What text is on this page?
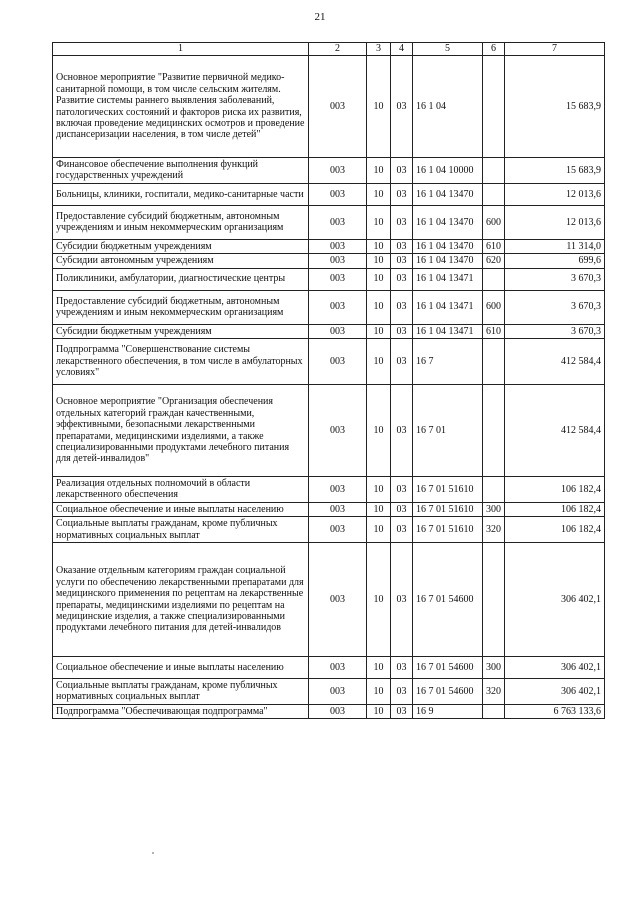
21
1	2	3	4	5	6	7
Основное мероприятие "Развитие первичной медико-санитарной помощи, в том числе сельским жителям. Развитие системы раннего выявления заболеваний, патологических состояний и факторов риска их развития, включая проведение медицинских осмотров и проведение диспансеризации населения, в том числе детей"	003	10	03	16 1 04		15 683,9
Финансовое обеспечение выполнения функций государственных учреждений	003	10	03	16 1 04 10000		15 683,9
Больницы, клиники, госпитали, медико-санитарные части	003	10	03	16 1 04 13470		12 013,6
Предоставление субсидий бюджетным, автономным учреждениям и иным некоммерческим организациям	003	10	03	16 1 04 13470	600	12 013,6
Субсидии бюджетным учреждениям	003	10	03	16 1 04 13470	610	11 314,0
Субсидии автономным учреждениям	003	10	03	16 1 04 13470	620	699,6
Поликлиники, амбулатории, диагностические центры	003	10	03	16 1 04 13471		3 670,3
Предоставление субсидий бюджетным, автономным учреждениям и иным некоммерческим организациям	003	10	03	16 1 04 13471	600	3 670,3
Субсидии бюджетным учреждениям	003	10	03	16 1 04 13471	610	3 670,3
Подпрограмма "Совершенствование системы лекарственного обеспечения, в том числе в амбулаторных условиях"	003	10	03	16 7		412 584,4
Основное мероприятие "Организация обеспечения отдельных категорий граждан качественными, эффективными, безопасными лекарственными препаратами, медицинскими изделиями, а также специализированными продуктами лечебного питания для детей-инвалидов"	003	10	03	16 7 01		412 584,4
Реализация отдельных полномочий в области лекарственного обеспечения	003	10	03	16 7 01 51610		106 182,4
Социальное обеспечение и иные выплаты населению	003	10	03	16 7 01 51610	300	106 182,4
Социальные выплаты гражданам, кроме публичных нормативных социальных выплат	003	10	03	16 7 01 51610	320	106 182,4
Оказание отдельным категориям граждан социальной услуги по обеспечению лекарственными препаратами для медицинского применения по рецептам на лекарственные препараты, медицинскими изделиями по рецептам на медицинские изделия, а также специализированными продуктами лечебного питания для детей-инвалидов	003	10	03	16 7 01 54600		306 402,1
Социальное обеспечение и иные выплаты населению	003	10	03	16 7 01 54600	300	306 402,1
Социальные выплаты гражданам, кроме публичных нормативных социальных выплат	003	10	03	16 7 01 54600	320	306 402,1
Подпрограмма "Обеспечивающая подпрограмма"	003	10	03	16 9		6 763 133,6
